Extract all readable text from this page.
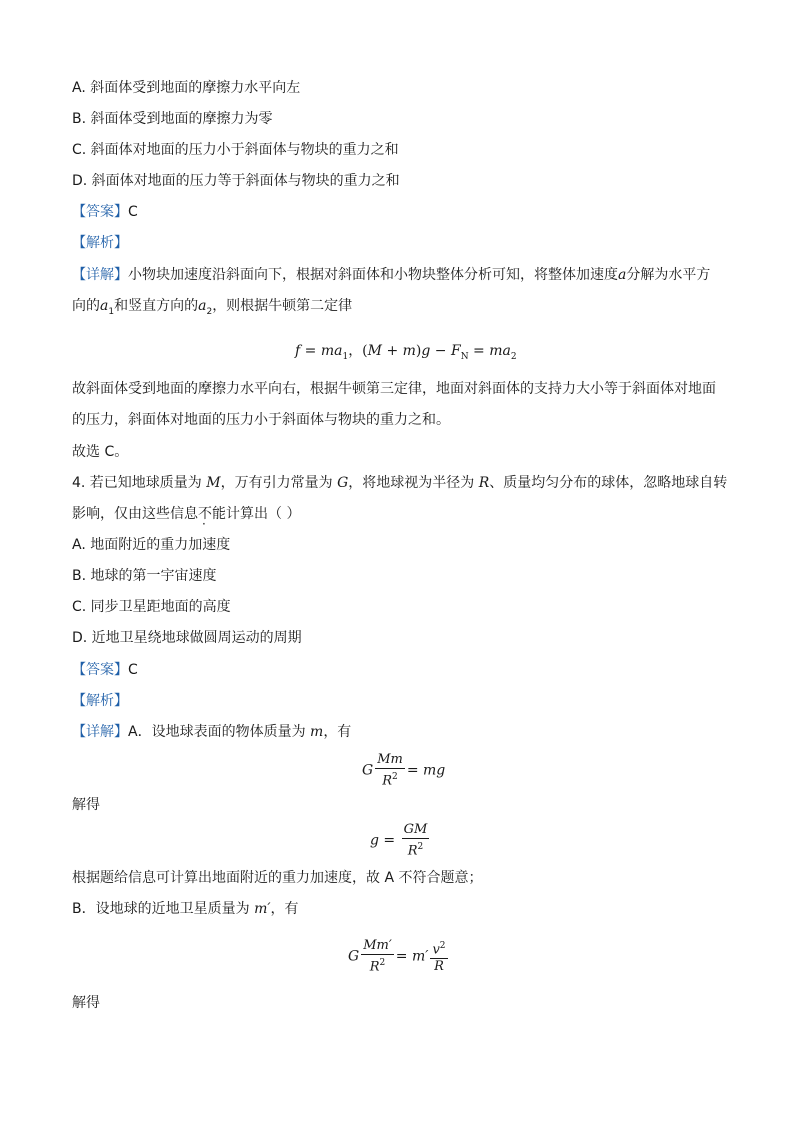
A. 斜面体受到地面的摩擦力水平向左
B. 斜面体受到地面的摩擦力为零
C. 斜面体对地面的压力小于斜面体与物块的重力之和
D. 斜面体对地面的压力等于斜面体与物块的重力之和
【答案】C
【解析】
【详解】小物块加速度沿斜面向下，根据对斜面体和小物块整体分析可知，将整体加速度a分解为水平方
向的$a_1$和竖直方向的$a_2$，则根据牛顿第二定律
$f = ma_1$，$(M + m)g - F_N = ma_2$
故斜面体受到地面的摩擦力水平向右，根据牛顿第三定律，地面对斜面体的支持力大小等于斜面体对地面
的压力，斜面体对地面的压力小于斜面体与物块的重力之和。
故选 C。
4. 若已知地球质量为 M，万有引力常量为 G，将地球视为半径为 R、质量均匀分布的球体，忽略地球自转
影响，仅由这些信息不能计算出（ ）
A. 地面附近的重力加速度
B. 地球的第一宇宙速度
C. 同步卫星距地面的高度
D. 近地卫星绕地球做圆周运动的周期
【答案】C
【解析】
【详解】A．设地球表面的物体质量为 m，有
G $\frac{Mm}{R^2}$ = mg
解得
$g = \frac{GM}{R^2}$
根据题给信息可计算出地面附近的重力加速度，故 A 不符合题意；
B．设地球的近地卫星质量为 m′，有
G $\frac{Mm'}{R^2} = m' \frac{v^2}{R}$
解得
